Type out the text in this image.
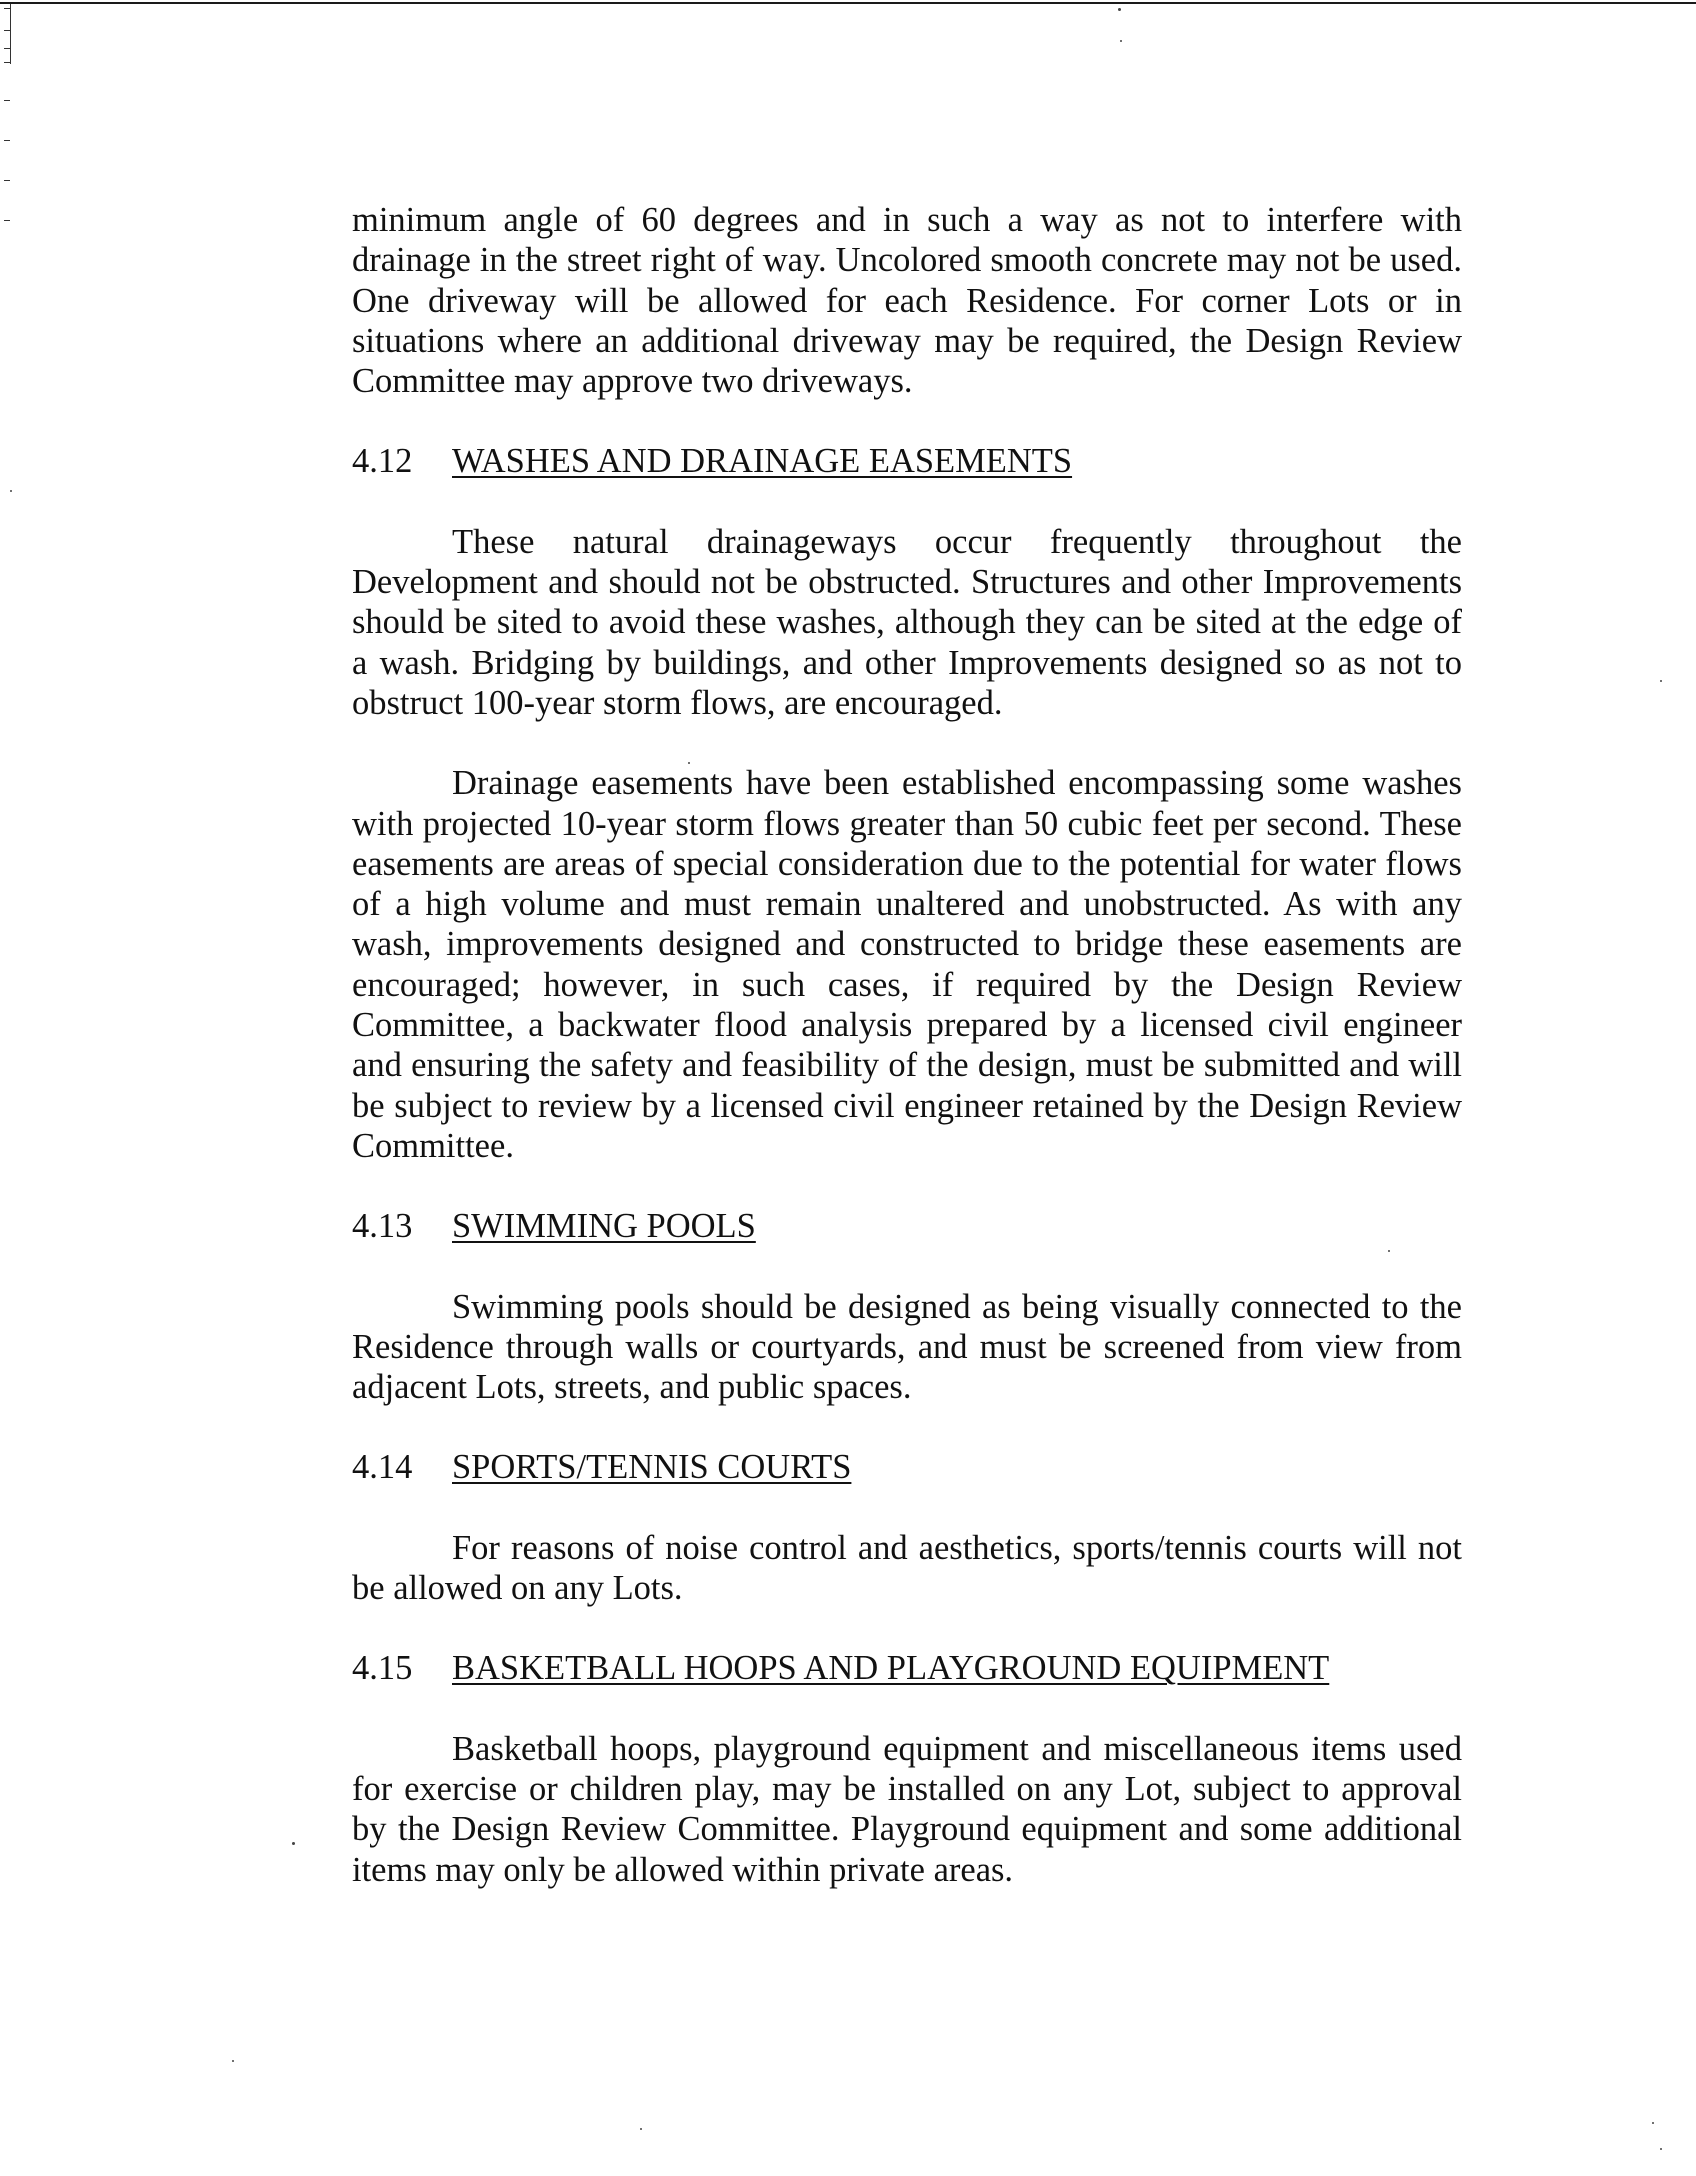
minimum angle of 60 degrees and in such a way as not to interfere with drainage in the street right of way. Uncolored smooth concrete may not be used. One driveway will be allowed for each Residence. For corner Lots or in situations where an additional driveway may be required, the Design Review Committee may approve two driveways.

4.12 WASHES AND DRAINAGE EASEMENTS

These natural drainageways occur frequently throughout the Development and should not be obstructed. Structures and other Improvements should be sited to avoid these washes, although they can be sited at the edge of a wash. Bridging by buildings, and other Improvements designed so as not to obstruct 100-year storm flows, are encouraged.

Drainage easements have been established encompassing some washes with projected 10-year storm flows greater than 50 cubic feet per second. These easements are areas of special consideration due to the potential for water flows of a high volume and must remain unaltered and unobstructed. As with any wash, improvements designed and constructed to bridge these easements are encouraged; however, in such cases, if required by the Design Review Committee, a backwater flood analysis prepared by a licensed civil engineer and ensuring the safety and feasibility of the design, must be submitted and will be subject to review by a licensed civil engineer retained by the Design Review Committee.

4.13 SWIMMING POOLS

Swimming pools should be designed as being visually connected to the Residence through walls or courtyards, and must be screened from view from adjacent Lots, streets, and public spaces.

4.14 SPORTS/TENNIS COURTS

For reasons of noise control and aesthetics, sports/tennis courts will not be allowed on any Lots.

4.15 BASKETBALL HOOPS AND PLAYGROUND EQUIPMENT

Basketball hoops, playground equipment and miscellaneous items used for exercise or children play, may be installed on any Lot, subject to approval by the Design Review Committee. Playground equipment and some additional items may only be allowed within private areas.
